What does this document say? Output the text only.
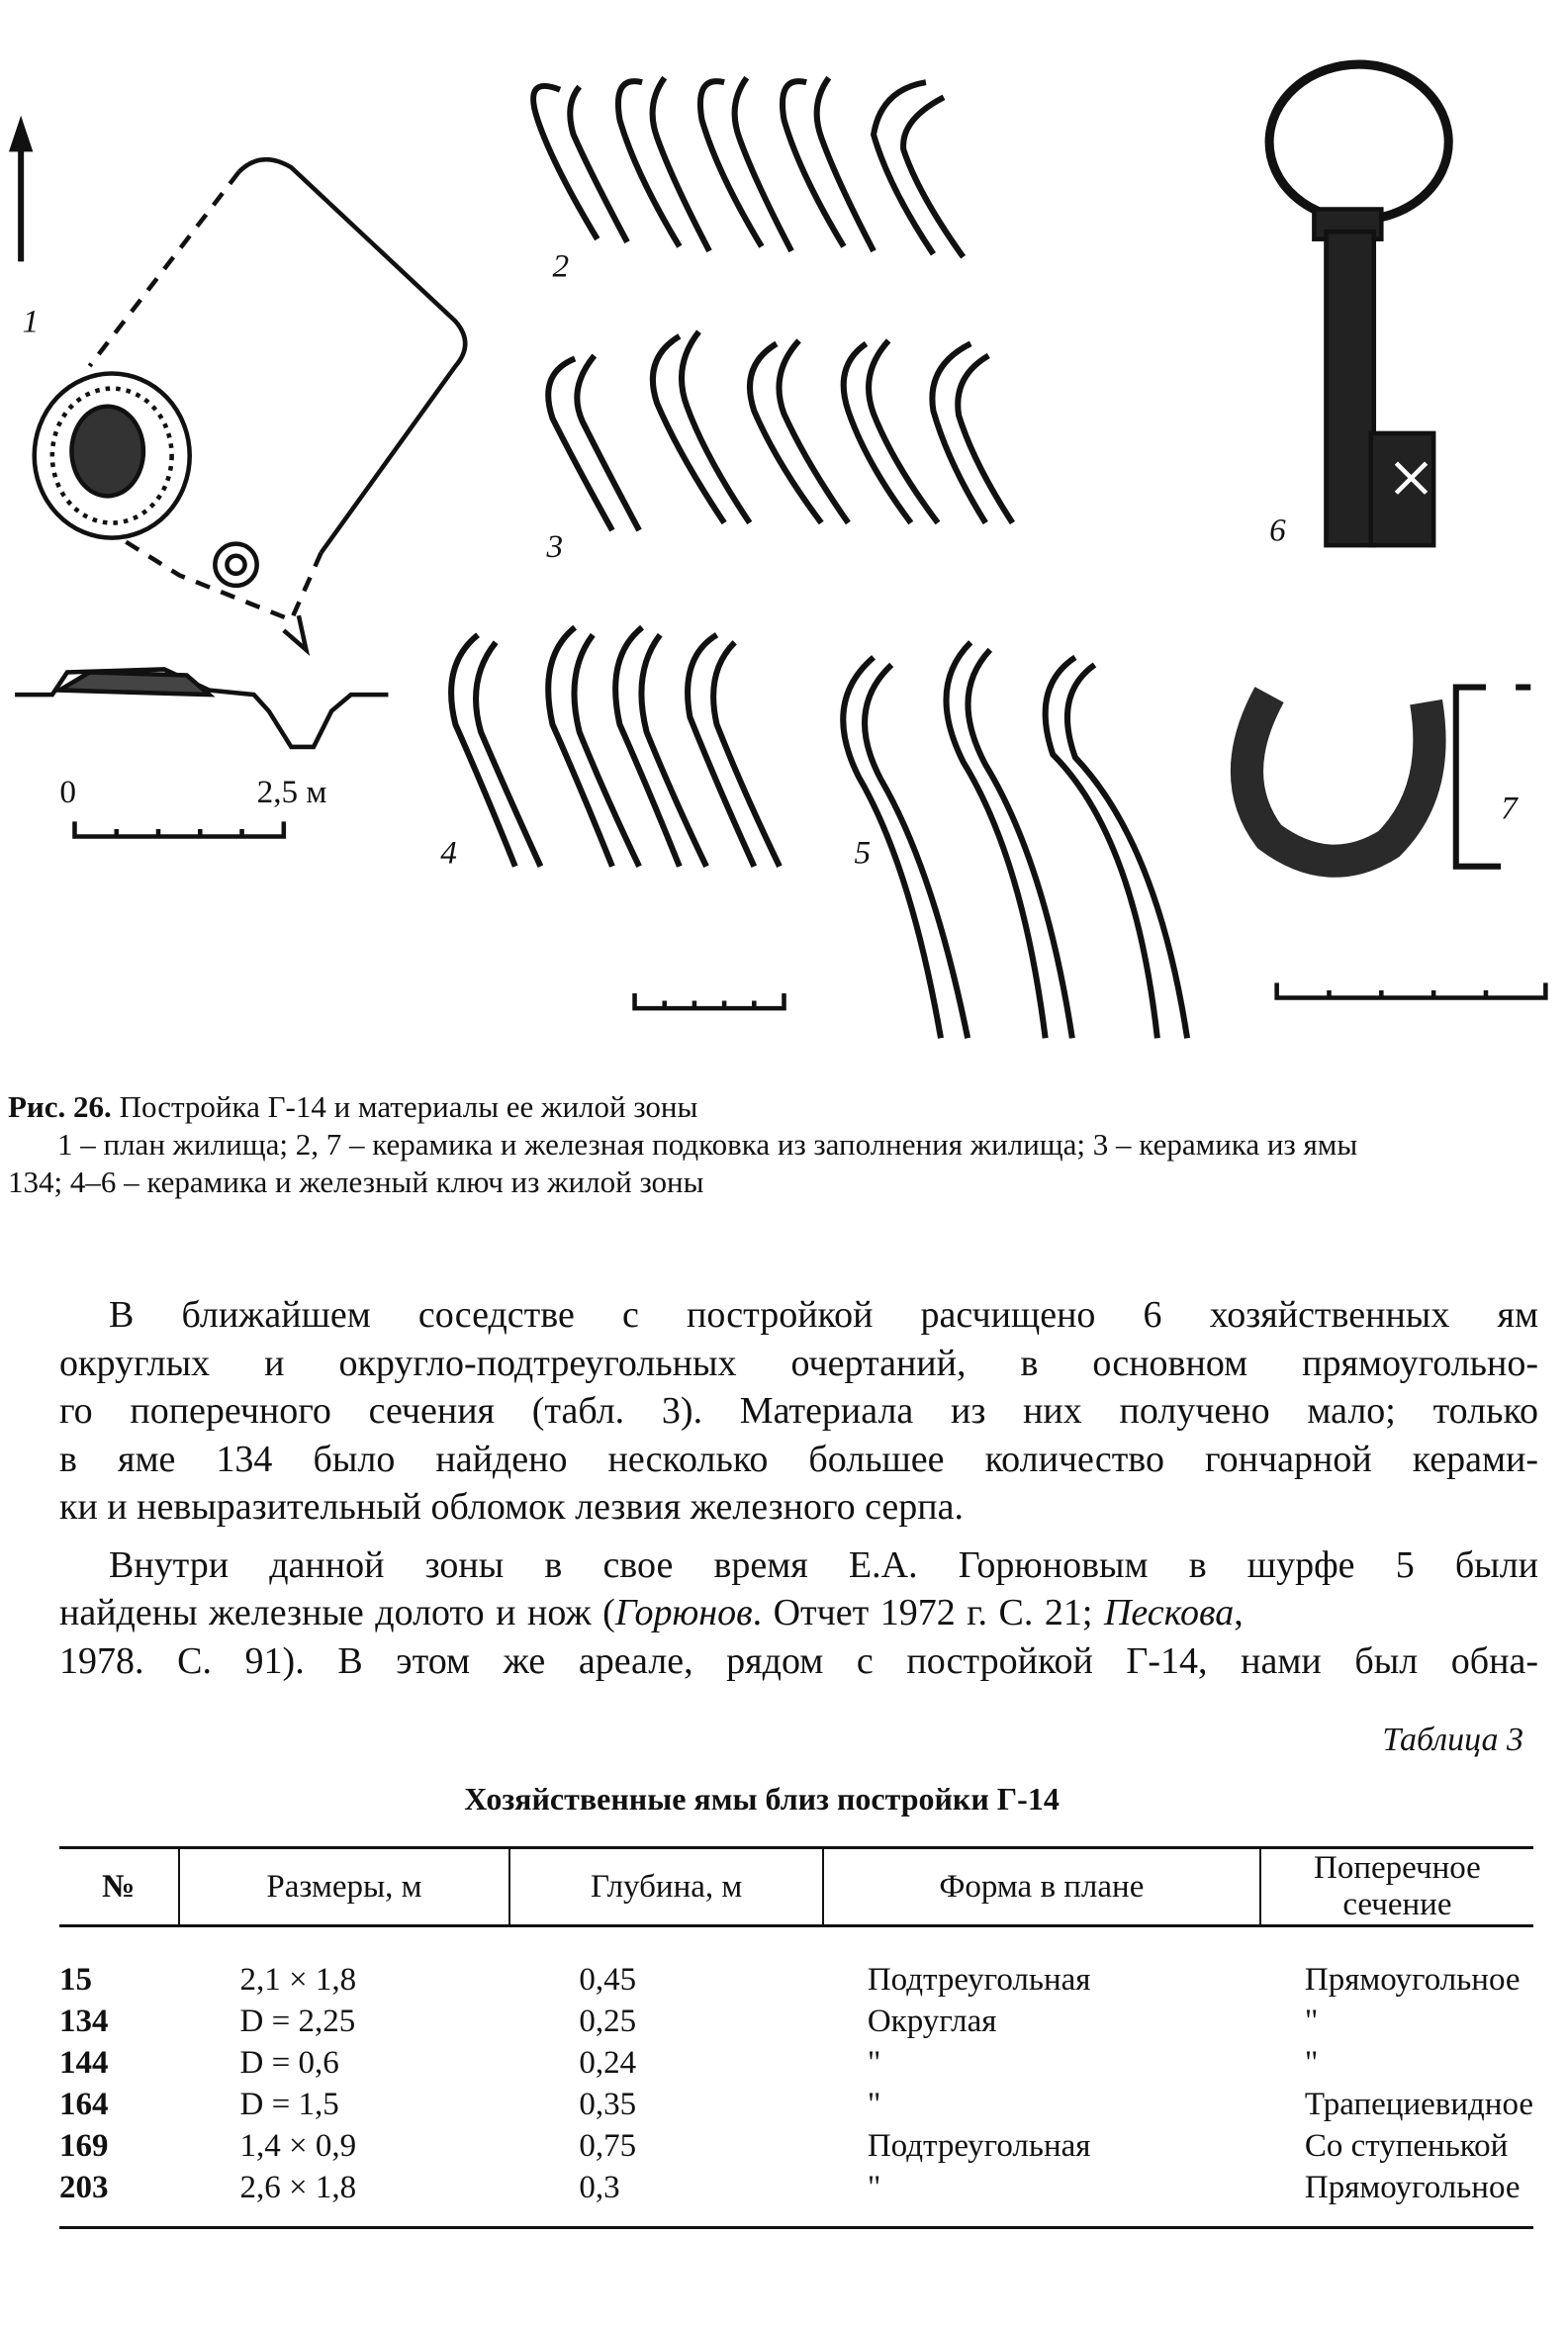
0	2,5 м
2
3
4	5
6
7
1
Рис. 26. Постройка Г-14 и материалы ее жилой зоны
1 – план жилища; 2, 7 – керамика и железная подковка из заполнения жилища; 3 – керамика из ямы
134; 4–6 – керамика и железный ключ из жилой зоны
В ближайшем соседстве с постройкой расчищено 6 хозяйственных ям
округлых и округло-подтреугольных очертаний, в основном прямоугольно-
го поперечного сечения (табл. 3). Материала из них получено мало; только
в яме 134 было найдено несколько большее количество гончарной керами-
ки и невыразительный обломок лезвия железного серпа.
Внутри данной зоны в свое время Е.А. Горюновым в шурфе 5 были
найдены железные долото и нож (Горюнов. Отчет 1972 г. С. 21; Пескова,
1978. С. 91). В этом же ареале, рядом с постройкой Г-14, нами был обна-
Таблица 3
Хозяйственные ямы близ постройки Г-14
№	Размеры, м	Глубина, м	Форма в плане	Поперечное сечение
15	2,1 × 1,8	0,45	Подтреугольная	Прямоугольное
134	D = 2,25	0,25	Округлая	"
144	D = 0,6	0,24	"	"
164	D = 1,5	0,35	"	Трапециевидное
169	1,4 × 0,9	0,75	Подтреугольная	Со ступенькой
203	2,6 × 1,8	0,3	"	Прямоугольное
